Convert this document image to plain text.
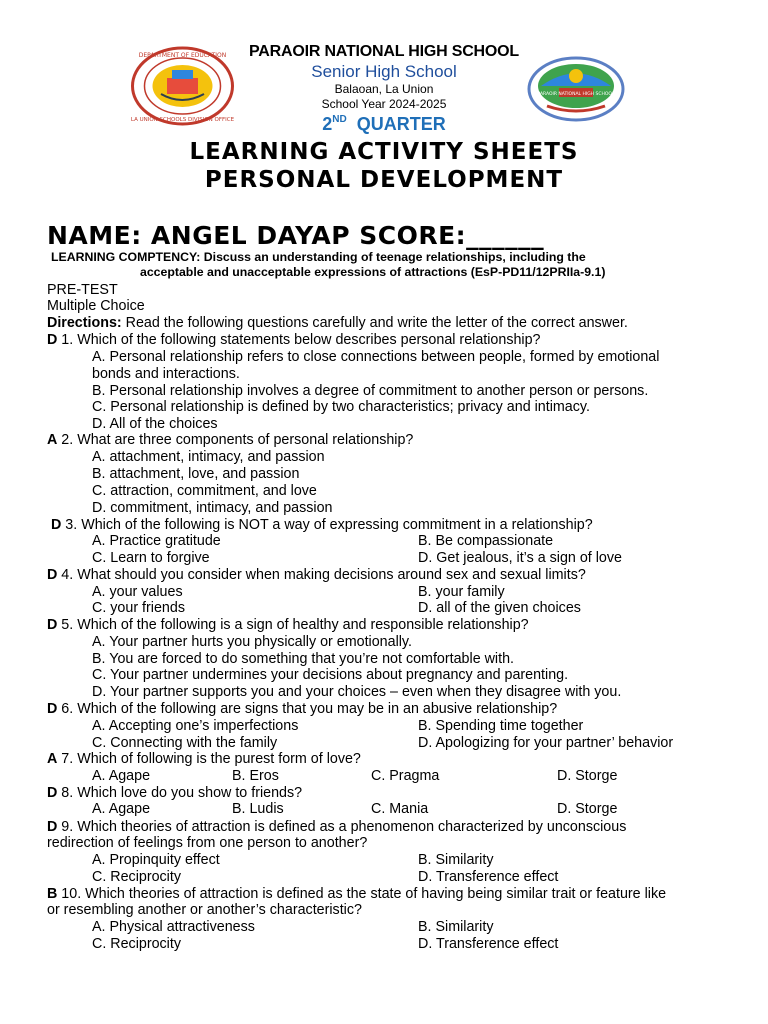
DEPARTMENT OF EDUCATION
LA UNION SCHOOLS DIVISION OFFICE
PARAOIR NATIONAL HIGH SCHOOL
PARAOIR NATIONAL HIGH SCHOOL
Senior High School
Balaoan, La Union
School Year 2024-2025
2ND QUARTER
LEARNING ACTIVITY SHEETS
PERSONAL DEVELOPMENT
NAME: ANGEL DAYAP SCORE:______
LEARNING COMPTENCY: Discuss an understanding of teenage relationships, including the
acceptable and unacceptable expressions of attractions (EsP-PD11/12PRIIa-9.1)
PRE-TEST
Multiple Choice
Directions: Read the following questions carefully and write the letter of the correct answer.
D 1. Which of the following statements below describes personal relationship?
A. Personal relationship refers to close connections between people, formed by emotional
bonds and interactions.
B. Personal relationship involves a degree of commitment to another person or persons.
C. Personal relationship is defined by two characteristics; privacy and intimacy.
D. All of the choices
A 2. What are three components of personal relationship?
A. attachment, intimacy, and passion
B. attachment, love, and passion
C. attraction, commitment, and love
D. commitment, intimacy, and passion
D 3. Which of the following is NOT a way of expressing commitment in a relationship?
A. Practice gratitude	B. Be compassionate
C. Learn to forgive	D. Get jealous, it’s a sign of love
D 4. What should you consider when making decisions around sex and sexual limits?
A. your values	B. your family
C. your friends	D. all of the given choices
D 5. Which of the following is a sign of healthy and responsible relationship?
A. Your partner hurts you physically or emotionally.
B. You are forced to do something that you’re not comfortable with.
C. Your partner undermines your decisions about pregnancy and parenting.
D. Your partner supports you and your choices – even when they disagree with you.
D 6. Which of the following are signs that you may be in an abusive relationship?
A. Accepting one’s imperfections	B. Spending time together
C. Connecting with the family	D. Apologizing for your partner’ behavior
A 7. Which of following is the purest form of love?
A. Agape	B. Eros	C. Pragma	D. Storge
D 8. Which love do you show to friends?
A. Agape	B. Ludis	C. Mania	D. Storge
D 9. Which theories of attraction is defined as a phenomenon characterized by unconscious
redirection of feelings from one person to another?
A. Propinquity effect	B. Similarity
C. Reciprocity	D. Transference effect
B 10. Which theories of attraction is defined as the state of having being similar trait or feature like
or resembling another or another’s characteristic?
A. Physical attractiveness	B. Similarity
C. Reciprocity	D. Transference effect
